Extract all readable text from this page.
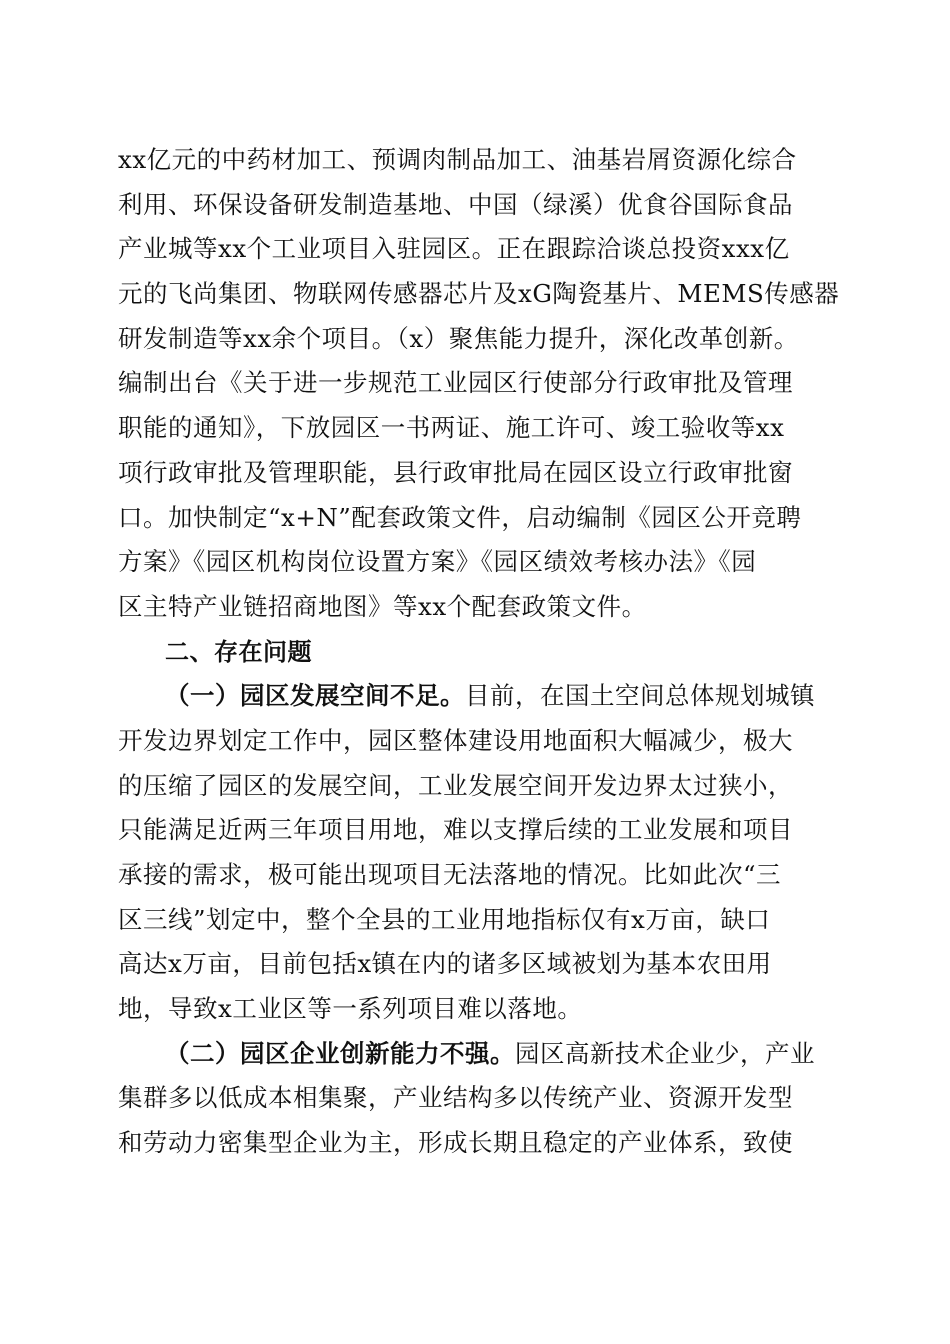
xx亿元的中药材加工、预调肉制品加工、油基岩屑资源化综合
利用、环保设备研发制造基地、中国（绿溪）优食谷国际食品
产业城等xx个工业项目入驻园区。正在跟踪洽谈总投资xxx亿
元的飞尚集团、物联网传感器芯片及xG陶瓷基片、MEMS传感器
研发制造等xx余个项目。（x）聚焦能力提升，深化改革创新。
编制出台《关于进一步规范工业园区行使部分行政审批及管理
职能的通知》，下放园区一书两证、施工许可、竣工验收等xx
项行政审批及管理职能，县行政审批局在园区设立行政审批窗
口。加快制定“x+N”配套政策文件，启动编制《园区公开竞聘
方案》《园区机构岗位设置方案》《园区绩效考核办法》《园
区主特产业链招商地图》等xx个配套政策文件。
二、存在问题
（一）园区发展空间不足。目前，在国土空间总体规划城镇
开发边界划定工作中，园区整体建设用地面积大幅减少，极大
的压缩了园区的发展空间，工业发展空间开发边界太过狭小，
只能满足近两三年项目用地，难以支撑后续的工业发展和项目
承接的需求，极可能出现项目无法落地的情况。比如此次“三
区三线”划定中，整个全县的工业用地指标仅有x万亩，缺口
高达x万亩，目前包括x镇在内的诸多区域被划为基本农田用
地，导致x工业区等一系列项目难以落地。
（二）园区企业创新能力不强。园区高新技术企业少，产业
集群多以低成本相集聚，产业结构多以传统产业、资源开发型
和劳动力密集型企业为主，形成长期且稳定的产业体系，致使
